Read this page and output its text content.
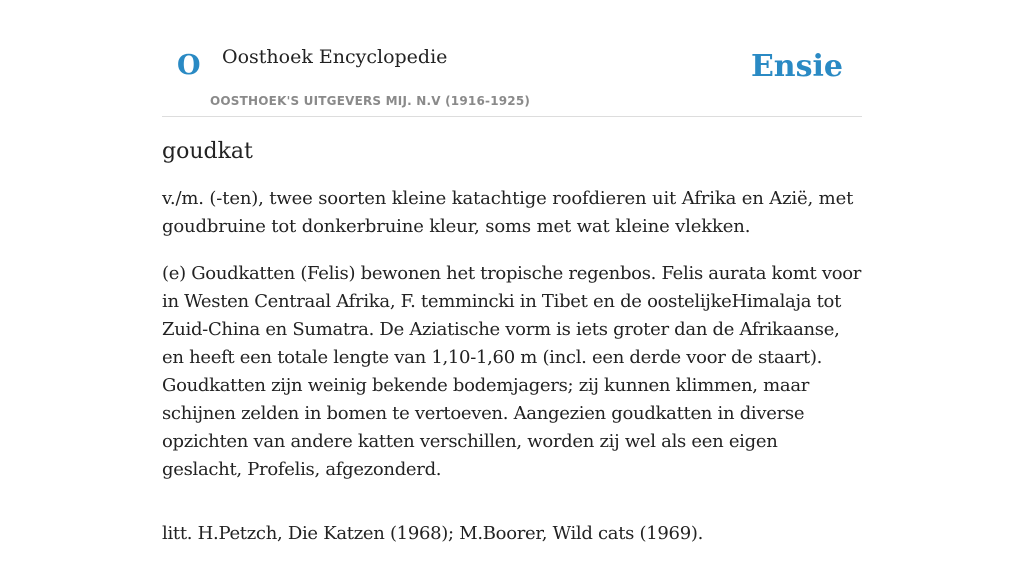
O Oosthoek Encyclopedie
OOSTHOEK'S UITGEVERS MIJ. N.V (1916-1925)
Ensie
goudkat

v./m. (-ten), twee soorten kleine katachtige roofdieren uit Afrika en Azië, met goudbruine tot donkerbruine kleur, soms met wat kleine vlekken.

(e) Goudkatten (Felis) bewonen het tropische regenbos. Felis aurata komt voor in Westen Centraal Afrika, F. temmincki in Tibet en de oostelijkeHimalaja tot Zuid-China en Sumatra. De Aziatische vorm is iets groter dan de Afrikaanse, en heeft een totale lengte van 1,10-1,60 m (incl. een derde voor de staart). Goudkatten zijn weinig bekende bodemjagers; zij kunnen klimmen, maar schijnen zelden in bomen te vertoeven. Aangezien goudkatten in diverse opzichten van andere katten verschillen, worden zij wel als een eigen geslacht, Profelis, afgezonderd.

litt. H.Petzch, Die Katzen (1968); M.Boorer, Wild cats (1969).
